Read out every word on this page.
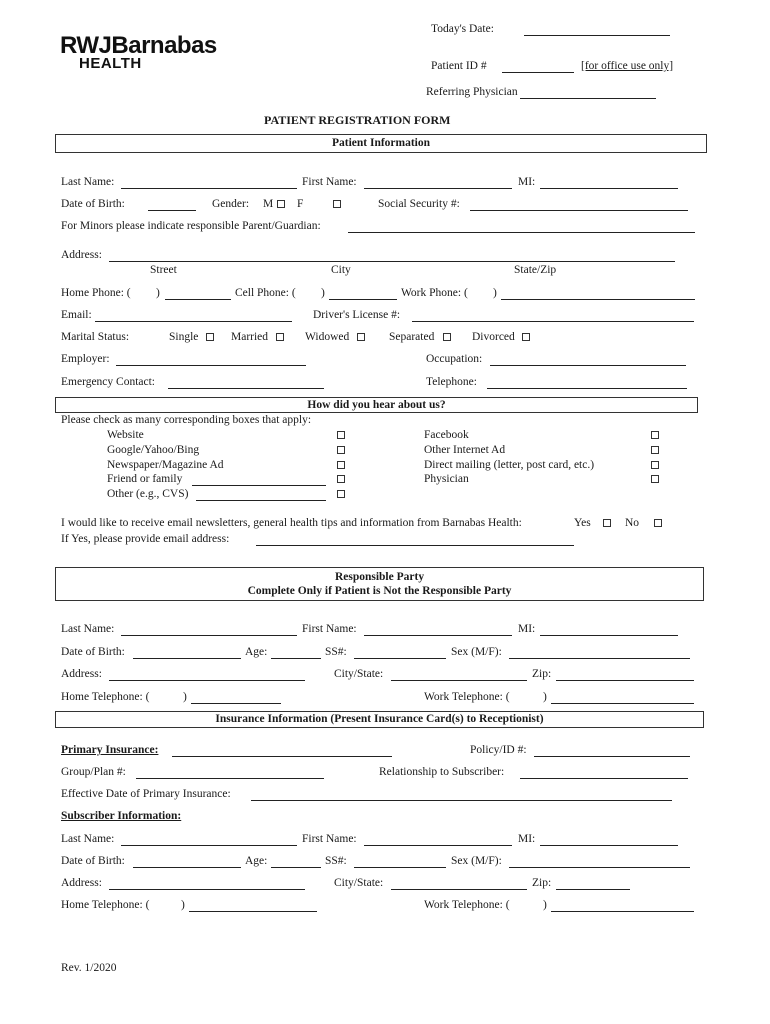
RWJBarnabas
HEALTH
Today's Date:
Patient ID #	[for office use only]
Referring Physician
PATIENT REGISTRATION FORM
Patient Information
Last Name:	First Name:	MI:
Date of Birth:	Gender: M F	Social Security #:
For Minors please indicate responsible Parent/Guardian:
Address:
Street	City	State/Zip
Home Phone: ( )	Cell Phone: ( )	Work Phone: ( )
Email:	Driver's License #:
Marital Status:	Single	Married	Widowed	Separated	Divorced
Employer:	Occupation:
Emergency Contact:	Telephone:
How did you hear about us?
Please check as many corresponding boxes that apply:
Website
Google/Yahoo/Bing
Newspaper/Magazine Ad
Friend or family
Other (e.g., CVS)
Facebook
Other Internet Ad
Direct mailing (letter, post card, etc.)
Physician
I would like to receive email newsletters, general health tips and information from Barnabas Health:	Yes	No
If Yes, please provide email address:
Responsible Party
Complete Only if Patient is Not the Responsible Party
Last Name:	First Name:	MI:
Date of Birth:	Age:	SS#:	Sex (M/F):
Address:	City/State:	Zip:
Home Telephone: (	)	Work Telephone: (	)
Insurance Information (Present Insurance Card(s) to Receptionist)
Primary Insurance:	Policy/ID #:
Group/Plan #:	Relationship to Subscriber:
Effective Date of Primary Insurance:
Subscriber Information:
Last Name:	First Name:	MI:
Date of Birth:	Age:	SS#:	Sex (M/F):
Address:	City/State:	Zip:
Home Telephone: (	)	Work Telephone: (	)
Rev. 1/2020
